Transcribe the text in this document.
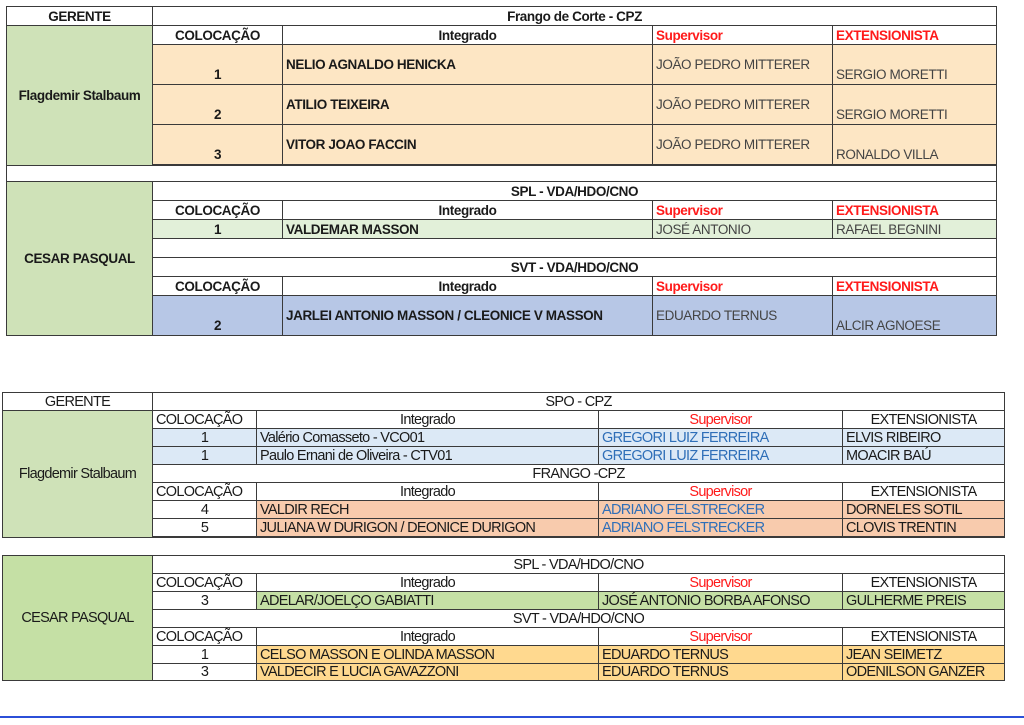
GERENTE	Frango de Corte - CPZ			
Flagdemir Stalbaum	COLOCAÇÃO	Integrado	Supervisor	EXTENSIONISTA
	1	NELIO AGNALDO HENICKA	JOÃO PEDRO MITTERER	SERGIO MORETTI
	2	ATILIO TEIXEIRA	JOÃO PEDRO MITTERER	SERGIO MORETTI
	3	VITOR JOAO FACCIN	JOÃO PEDRO MITTERER	RONALDO VILLA

CESAR PASQUAL	SPL - VDA/HDO/CNO			
	COLOCAÇÃO	Integrado	Supervisor	EXTENSIONISTA
	1	VALDEMAR MASSON	JOSÉ ANTONIO	RAFAEL BEGNINI

	SVT - VDA/HDO/CNO			
	COLOCAÇÃO	Integrado	Supervisor	EXTENSIONISTA
	2	JARLEI ANTONIO MASSON / CLEONICE V MASSON	EDUARDO TERNUS	ALCIR AGNOESE
GERENTE	SPO - CPZ			
Flagdemir Stalbaum	COLOCAÇÃO	Integrado	Supervisor	EXTENSIONISTA
	1	Valério Comasseto - VCO01	GREGORI LUIZ FERREIRA	ELVIS RIBEIRO
	1	Paulo Ernani de Oliveira - CTV01	GREGORI LUIZ FERREIRA	MOACIR BAÚ
	FRANGO -CPZ			
	COLOCAÇÃO	Integrado	Supervisor	EXTENSIONISTA
	4	VALDIR RECH	ADRIANO FELSTRECKER	DORNELES SOTIL
	5	JULIANA W DURIGON / DEONICE DURIGON	ADRIANO FELSTRECKER	CLOVIS TRENTIN

CESAR PASQUAL	SPL - VDA/HDO/CNO			
	COLOCAÇÃO	Integrado	Supervisor	EXTENSIONISTA
	3	ADELAR/JOELÇO GABIATTI	JOSÉ ANTONIO BORBA AFONSO	GULHERME PREIS
	SVT - VDA/HDO/CNO			
	COLOCAÇÃO	Integrado	Supervisor	EXTENSIONISTA
	1	CELSO MASSON E OLINDA MASSON	EDUARDO TERNUS	JEAN SEIMETZ
	3	VALDECIR E LUCIA GAVAZZONI	EDUARDO TERNUS	ODENILSON GANZER
